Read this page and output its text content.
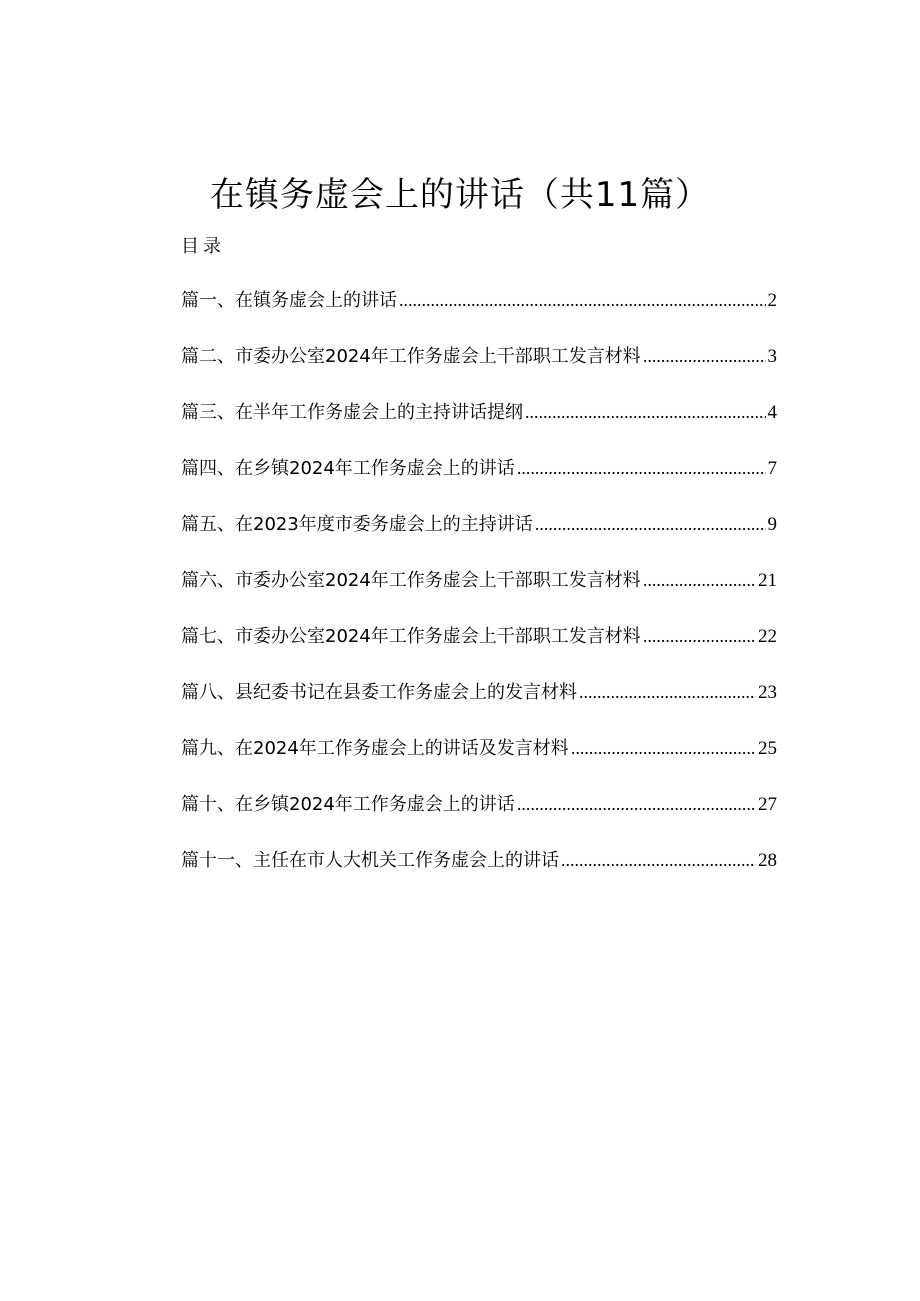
在镇务虚会上的讲话（共11篇）
目录
篇一、在镇务虚会上的讲话 .....	2
篇二、市委办公室2024年工作务虚会上干部职工发言材料 .....	3
篇三、在半年工作务虚会上的主持讲话提纲 .....	4
篇四、在乡镇2024年工作务虚会上的讲话 .....	7
篇五、在2023年度市委务虚会上的主持讲话 .....	9
篇六、市委办公室2024年工作务虚会上干部职工发言材料 .....	21
篇七、市委办公室2024年工作务虚会上干部职工发言材料 .....	22
篇八、县纪委书记在县委工作务虚会上的发言材料 .....	23
篇九、在2024年工作务虚会上的讲话及发言材料 .....	25
篇十、在乡镇2024年工作务虚会上的讲话 .....	27
篇十一、主任在市人大机关工作务虚会上的讲话 .....	28
